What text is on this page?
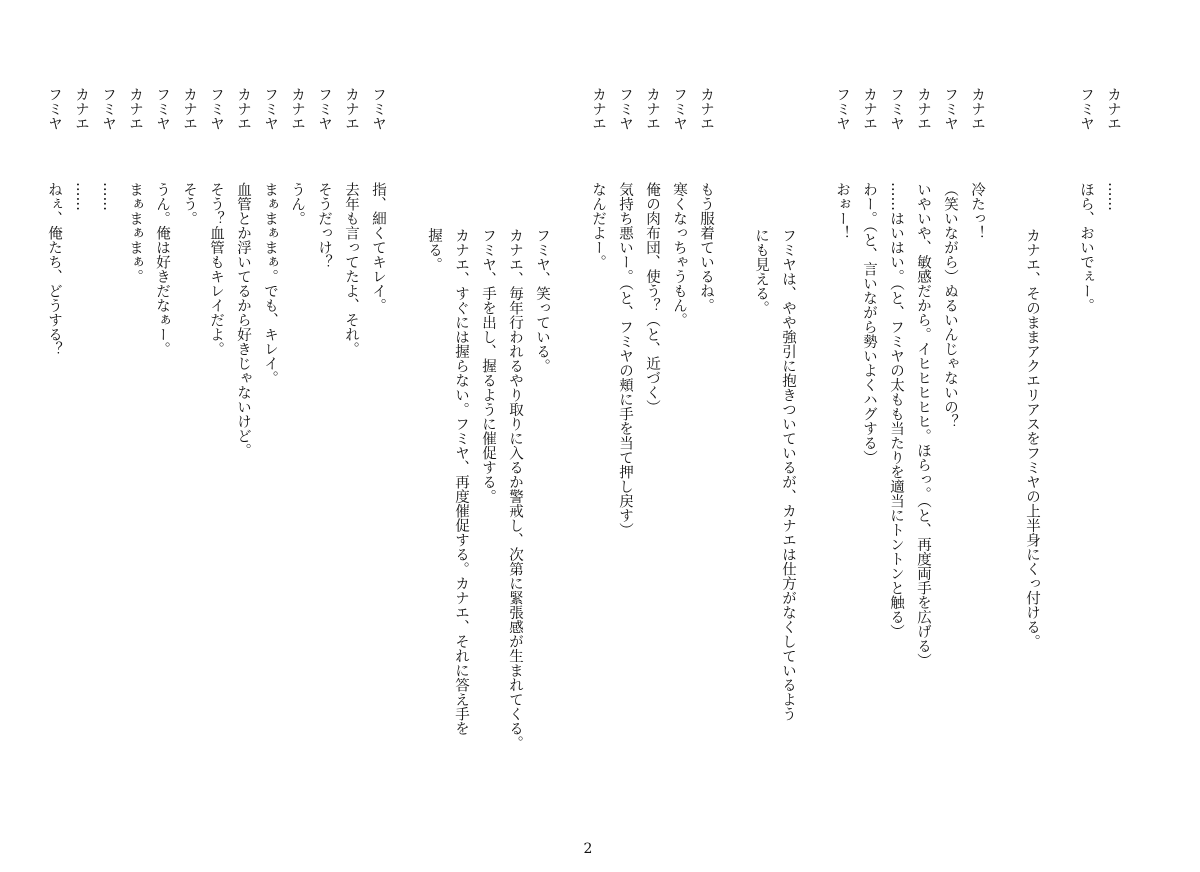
カナエ
……
フミヤ
ほら、おいでぇー。
カナエ、そのままアクエリアスをフミヤの上半身にくっ付ける。
カナエ
冷たっ！
フミヤ
（笑いながら）ぬるいんじゃないの？
カナエ
いやいや、敏感だから。イヒヒヒヒヒ。ほらっ。（と、再度両手を広げる）
フミヤ
……はいはい。（と、フミヤの太もも当たりを適当にトントンと触る）
カナエ
わー。（と、言いながら勢いよくハグする）
フミヤ
おぉー！
フミヤは、やや強引に抱きついているが、カナエは仕方がなくしているよう
にも見える。
カナエ
もう服着ているね。
フミヤ
寒くなっちゃうもん。
カナエ
俺の肉布団、使う？（と、近づく）
フミヤ
気持ち悪いー。（と、フミヤの頬に手を当て押し戻す）
カナエ
なんだよー。
フミヤ、笑っている。
カナエ、毎年行われるやり取りに入るか警戒し、次第に緊張感が生まれてくる。
フミヤ、手を出し、握るように催促する。
カナエ、すぐには握らない。フミヤ、再度催促する。カナエ、それに答え手を
握る。
フミヤ
指、細くてキレイ。
カナエ
去年も言ってたよ、それ。
フミヤ
そうだっけ？
カナエ
うん。
フミヤ
まぁまぁまぁ。でも、キレイ。
カナエ
血管とか浮いてるから好きじゃないけど。
フミヤ
そう？血管もキレイだよ。
カナエ
そう。
フミヤ
うん。俺は好きだなぁー。
カナエ
まぁまぁまぁ。
フミヤ
……
カナエ
……
フミヤ
ねぇ、俺たち、どうする？
2
